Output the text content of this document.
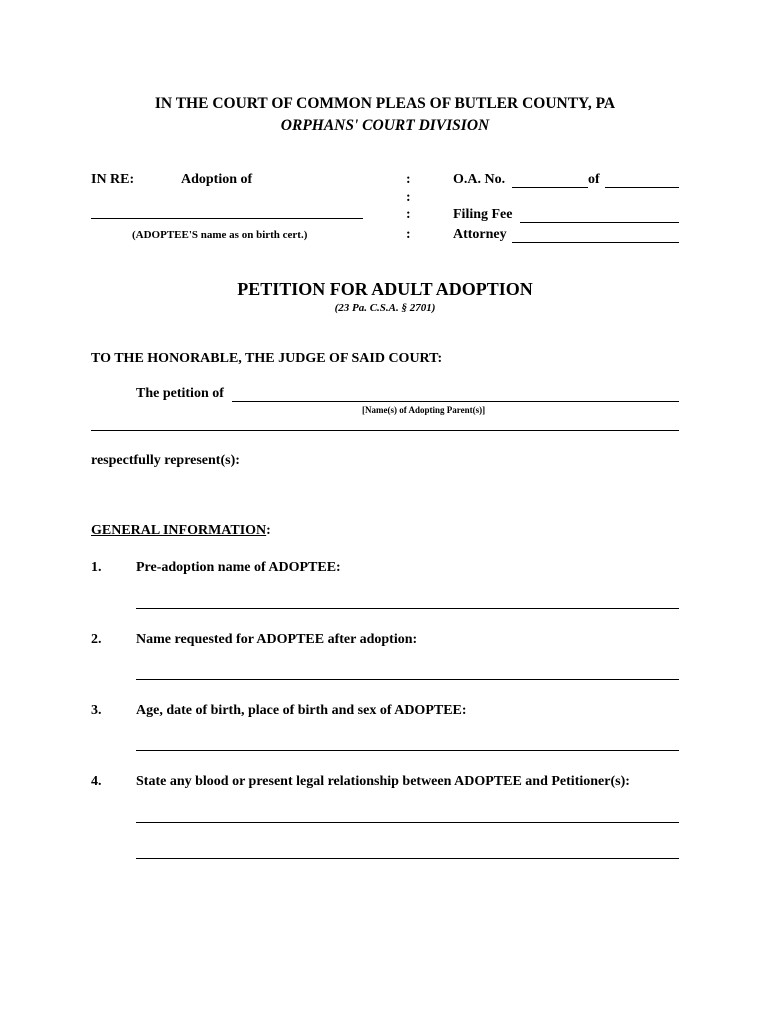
IN THE COURT OF COMMON PLEAS OF BUTLER COUNTY, PA
ORPHANS' COURT DIVISION
IN RE:	Adoption of
(ADOPTEE'S name as on birth cert.)
:
:
:
:
O.A. No.	of
Filing Fee
Attorney
PETITION FOR ADULT ADOPTION
(23 Pa. C.S.A. § 2701)
TO THE HONORABLE, THE JUDGE OF SAID COURT:
The petition of
[Name(s) of Adopting Parent(s)]
respectfully represent(s):
GENERAL INFORMATION:
1. Pre-adoption name of ADOPTEE:
2. Name requested for ADOPTEE after adoption:
3. Age, date of birth, place of birth and sex of ADOPTEE:
4. State any blood or present legal relationship between ADOPTEE and Petitioner(s):
